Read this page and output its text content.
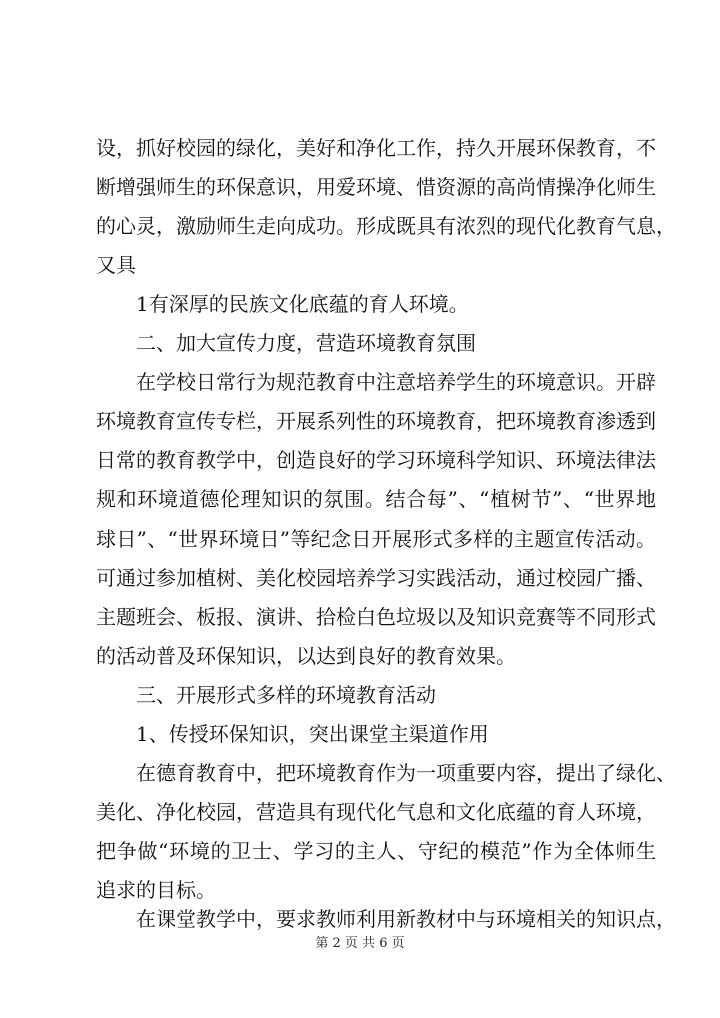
设，抓好校园的绿化，美好和净化工作，持久开展环保教育，不
断增强师生的环保意识，用爱环境、惜资源的高尚情操净化师生
的心灵，激励师生走向成功。形成既具有浓烈的现代化教育气息，
又具
1有深厚的民族文化底蕴的育人环境。
二、加大宣传力度，营造环境教育氛围
在学校日常行为规范教育中注意培养学生的环境意识。开辟
环境教育宣传专栏，开展系列性的环境教育，把环境教育渗透到
日常的教育教学中，创造良好的学习环境科学知识、环境法律法
规和环境道德伦理知识的氛围。结合每”、“植树节”、“世界地
球日”、“世界环境日”等纪念日开展形式多样的主题宣传活动。
可通过参加植树、美化校园培养学习实践活动，通过校园广播、
主题班会、板报、演讲、拾检白色垃圾以及知识竞赛等不同形式
的活动普及环保知识，以达到良好的教育效果。
三、开展形式多样的环境教育活动
1、传授环保知识，突出课堂主渠道作用
在德育教育中，把环境教育作为一项重要内容，提出了绿化、
美化、净化校园，营造具有现代化气息和文化底蕴的育人环境，
把争做“环境的卫士、学习的主人、守纪的模范”作为全体师生
追求的目标。
在课堂教学中，要求教师利用新教材中与环境相关的知识点，
第 2 页 共 6 页
